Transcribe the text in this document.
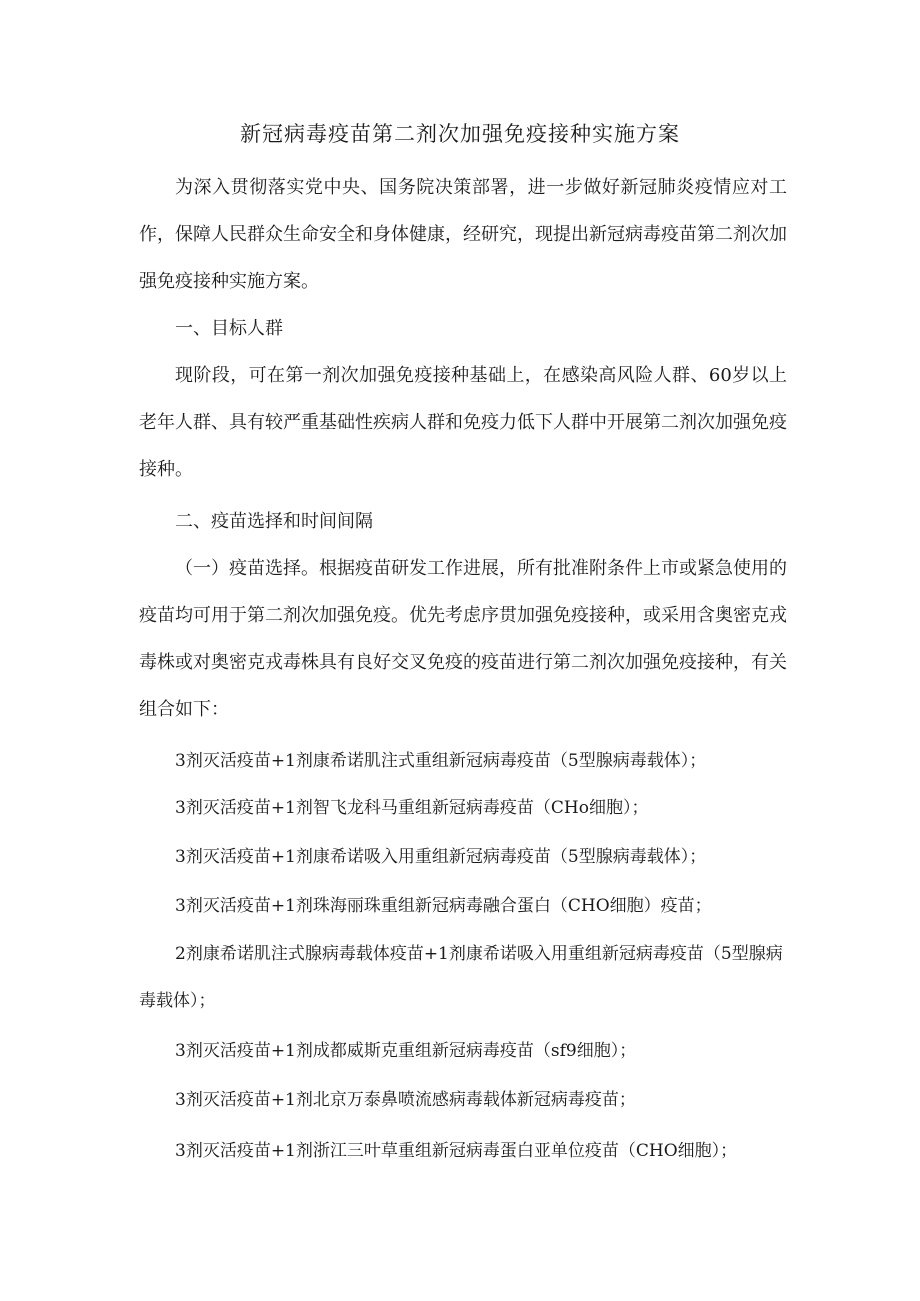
新冠病毒疫苗第二剂次加强免疫接种实施方案

为深入贯彻落实党中央、国务院决策部署，进一步做好新冠肺炎疫情应对工作，保障人民群众生命安全和身体健康，经研究，现提出新冠病毒疫苗第二剂次加强免疫接种实施方案。

一、目标人群

现阶段，可在第一剂次加强免疫接种基础上，在感染高风险人群、60岁以上老年人群、具有较严重基础性疾病人群和免疫力低下人群中开展第二剂次加强免疫接种。

二、疫苗选择和时间间隔

（一）疫苗选择。根据疫苗研发工作进展，所有批准附条件上市或紧急使用的疫苗均可用于第二剂次加强免疫。优先考虑序贯加强免疫接种，或采用含奥密克戎毒株或对奥密克戎毒株具有良好交叉免疫的疫苗进行第二剂次加强免疫接种，有关组合如下：

3剂灭活疫苗+1剂康希诺肌注式重组新冠病毒疫苗（5型腺病毒载体）；
3剂灭活疫苗+1剂智飞龙科马重组新冠病毒疫苗（CHo细胞）；
3剂灭活疫苗+1剂康希诺吸入用重组新冠病毒疫苗（5型腺病毒载体）；
3剂灭活疫苗+1剂珠海丽珠重组新冠病毒融合蛋白（CHO细胞）疫苗；

2剂康希诺肌注式腺病毒载体疫苗+1剂康希诺吸入用重组新冠病毒疫苗（5型腺病毒载体）；

3剂灭活疫苗+1剂成都威斯克重组新冠病毒疫苗（sf9细胞）；
3剂灭活疫苗+1剂北京万泰鼻喷流感病毒载体新冠病毒疫苗；
3剂灭活疫苗+1剂浙江三叶草重组新冠病毒蛋白亚单位疫苗（CHO细胞）；
